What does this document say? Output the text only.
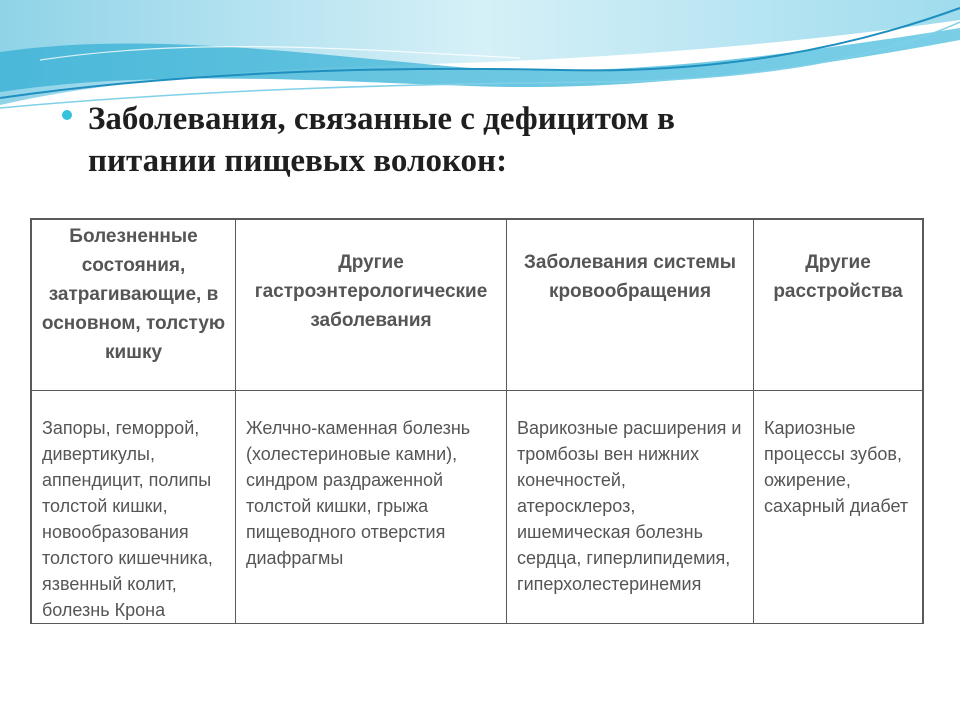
Заболевания, связанные с дефицитом в питании пищевых волокон:
Болезненные состояния, затрагивающие, в основном, толстую кишку	Другие гастроэнтерологические заболевания	Заболевания системы кровообращения	Другие расстройства
Запоры, геморрой, дивертикулы, аппендицит, полипы толстой кишки, новообразования толстого кишечника, язвенный колит, болезнь Крона	Желчно-каменная болезнь (холестериновые камни), синдром раздраженной толстой кишки, грыжа пищеводного отверстия диафрагмы	Варикозные расширения и тромбозы вен нижних конечностей, атеросклероз, ишемическая болезнь сердца, гиперлипидемия, гиперхолестеринемия	Кариозные процессы зубов, ожирение, сахарный диабет
